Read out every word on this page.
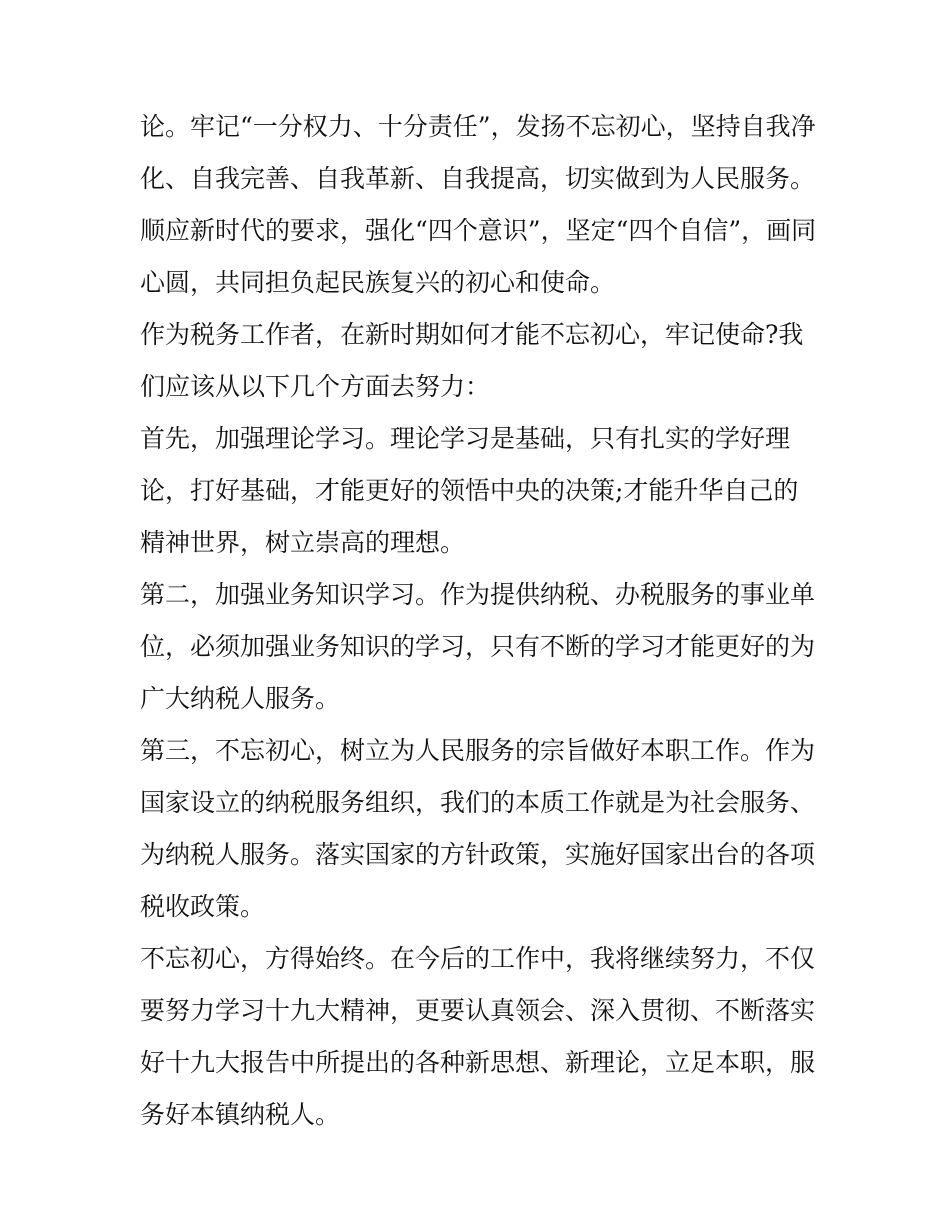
论。牢记“一分权力、十分责任”，发扬不忘初心，坚持自我净
化、自我完善、自我革新、自我提高，切实做到为人民服务。
顺应新时代的要求，强化“四个意识”，坚定“四个自信”，画同
心圆，共同担负起民族复兴的初心和使命。
作为税务工作者，在新时期如何才能不忘初心，牢记使命?我
们应该从以下几个方面去努力：
首先，加强理论学习。理论学习是基础，只有扎实的学好理
论，打好基础，才能更好的领悟中央的决策;才能升华自己的
精神世界，树立崇高的理想。
第二，加强业务知识学习。作为提供纳税、办税服务的事业单
位，必须加强业务知识的学习，只有不断的学习才能更好的为
广大纳税人服务。
第三，不忘初心，树立为人民服务的宗旨做好本职工作。作为
国家设立的纳税服务组织，我们的本质工作就是为社会服务、
为纳税人服务。落实国家的方针政策，实施好国家出台的各项
税收政策。
不忘初心，方得始终。在今后的工作中，我将继续努力，不仅
要努力学习十九大精神，更要认真领会、深入贯彻、不断落实
好十九大报告中所提出的各种新思想、新理论，立足本职，服
务好本镇纳税人。
